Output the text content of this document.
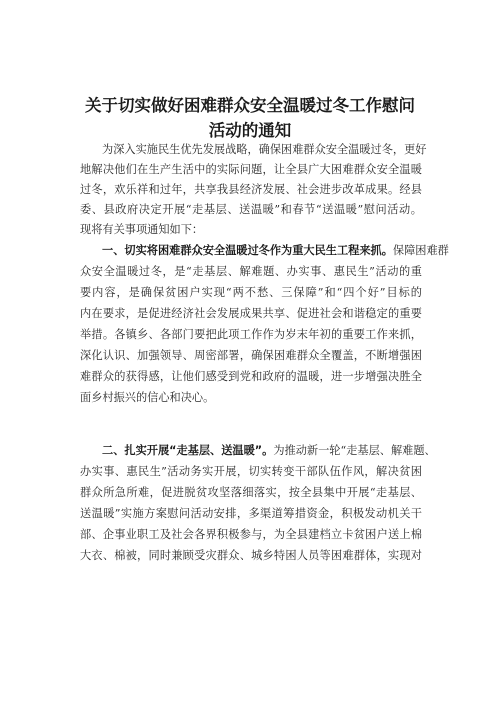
关于切实做好困难群众安全温暖过冬工作慰问
活动的通知
为深入实施民生优先发展战略，确保困难群众安全温暖过冬，更好
地解决他们在生产生活中的实际问题，让全县广大困难群众安全温暖
过冬，欢乐祥和过年，共享我县经济发展、社会进步改革成果。经县
委、县政府决定开展“走基层、送温暖”和春节“送温暖”慰问活动。
现将有关事项通知如下：
一、切实将困难群众安全温暖过冬作为重大民生工程来抓。保障困难群
众安全温暖过冬，是“走基层、解难题、办实事、惠民生”活动的重
要内容，是确保贫困户实现“两不愁、三保障”和“四个好”目标的
内在要求，是促进经济社会发展成果共享、促进社会和谐稳定的重要
举措。各镇乡、各部门要把此项工作作为岁末年初的重要工作来抓，
深化认识、加强领导、周密部署，确保困难群众全覆盖，不断增强困
难群众的获得感，让他们感受到党和政府的温暖，进一步增强决胜全
面乡村振兴的信心和决心。
二、扎实开展“走基层、送温暖”。为推动新一轮“走基层、解难题、
办实事、惠民生”活动务实开展，切实转变干部队伍作风，解决贫困
群众所急所难，促进脱贫攻坚落细落实，按全县集中开展“走基层、
送温暖”实施方案慰问活动安排，多渠道筹措资金，积极发动机关干
部、企事业职工及社会各界积极参与，为全县建档立卡贫困户送上棉
大衣、棉被，同时兼顾受灾群众、城乡特困人员等困难群体，实现对
